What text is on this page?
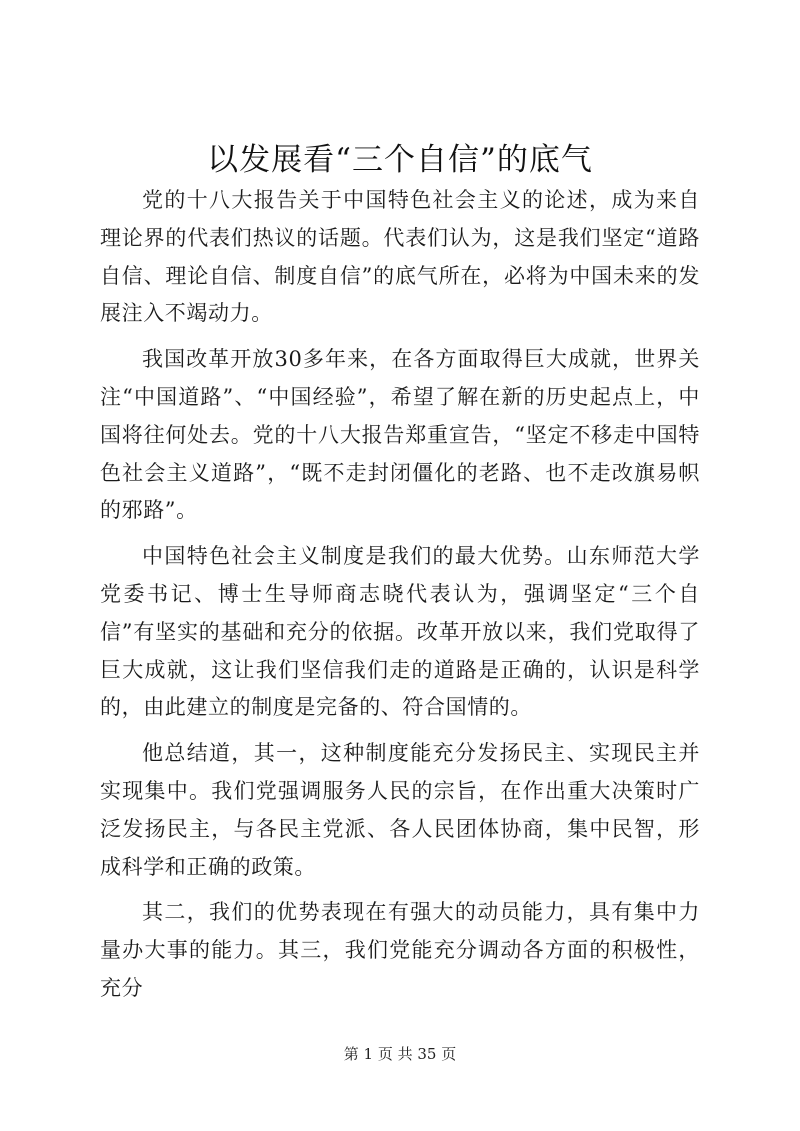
以发展看“三个自信”的底气

党的十八大报告关于中国特色社会主义的论述，成为来自理论界的代表们热议的话题。代表们认为，这是我们坚定“道路自信、理论自信、制度自信”的底气所在，必将为中国未来的发展注入不竭动力。

我国改革开放30多年来，在各方面取得巨大成就，世界关注“中国道路”、“中国经验”，希望了解在新的历史起点上，中国将往何处去。党的十八大报告郑重宣告，“坚定不移走中国特色社会主义道路”，“既不走封闭僵化的老路、也不走改旗易帜的邪路”。

中国特色社会主义制度是我们的最大优势。山东师范大学党委书记、博士生导师商志晓代表认为，强调坚定“三个自信”有坚实的基础和充分的依据。改革开放以来，我们党取得了巨大成就，这让我们坚信我们走的道路是正确的，认识是科学的，由此建立的制度是完备的、符合国情的。

他总结道，其一，这种制度能充分发扬民主、实现民主并实现集中。我们党强调服务人民的宗旨，在作出重大决策时广泛发扬民主，与各民主党派、各人民团体协商，集中民智，形成科学和正确的政策。

其二，我们的优势表现在有强大的动员能力，具有集中力量办大事的能力。其三，我们党能充分调动各方面的积极性，充分

第 1 页 共 35 页
